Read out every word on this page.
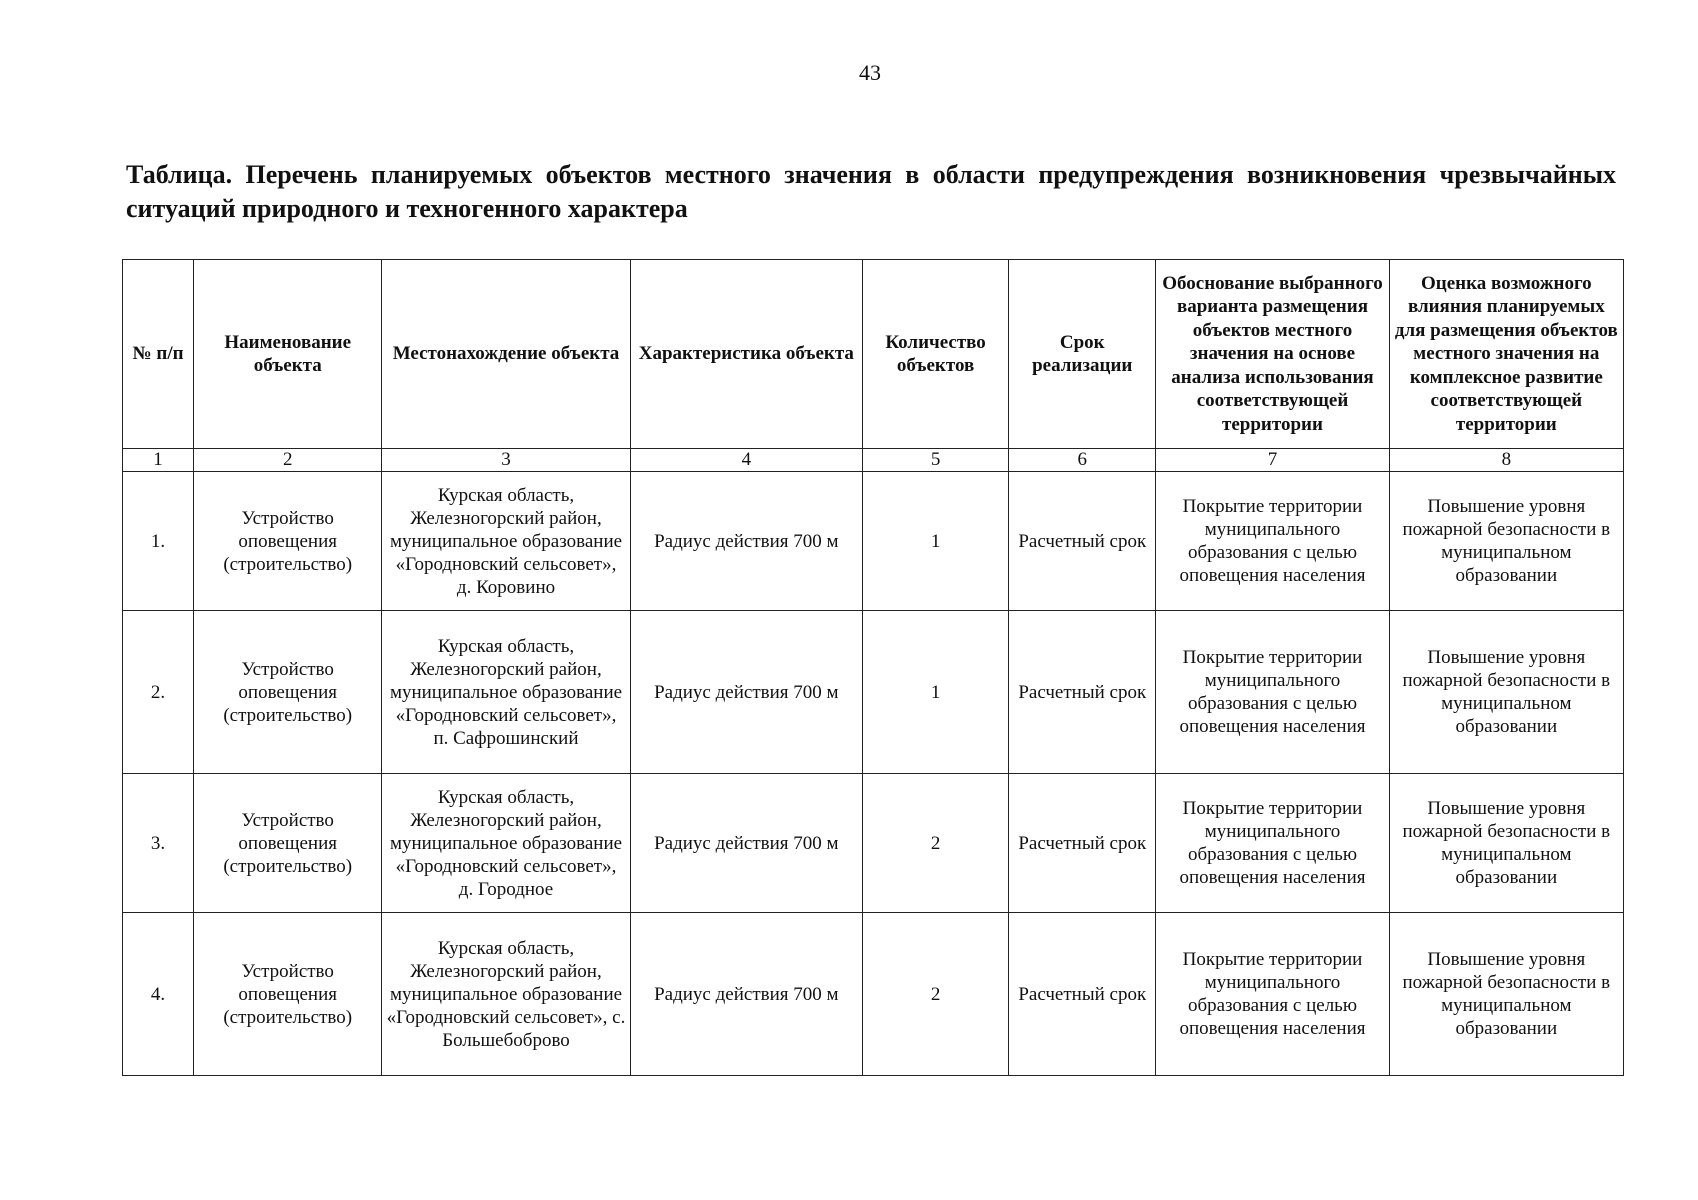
43
Таблица. Перечень планируемых объектов местного значения в области предупреждения возникновения чрезвычайных ситуаций природного и техногенного характера
№ п/п	Наименование объекта	Местонахождение объекта	Характеристика объекта	Количество объектов	Срок реализации	Обоснование выбранного варианта размещения объектов местного значения на основе анализа использования соответствующей территории	Оценка возможного влияния планируемых для размещения объектов местного значения на комплексное развитие соответствующей территории
1	2	3	4	5	6	7	8
1.	Устройство оповещения (строительство)	Курская область, Железногорский район, муниципальное образование «Городновский сельсовет», д. Коровино	Радиус действия 700 м	1	Расчетный срок	Покрытие территории муниципального образования с целью оповещения населения	Повышение уровня пожарной безопасности в муниципальном образовании
2.	Устройство оповещения (строительство)	Курская область, Железногорский район, муниципальное образование «Городновский сельсовет», п. Сафрошинский	Радиус действия 700 м	1	Расчетный срок	Покрытие территории муниципального образования с целью оповещения населения	Повышение уровня пожарной безопасности в муниципальном образовании
3.	Устройство оповещения (строительство)	Курская область, Железногорский район, муниципальное образование «Городновский сельсовет», д. Городное	Радиус действия 700 м	2	Расчетный срок	Покрытие территории муниципального образования с целью оповещения населения	Повышение уровня пожарной безопасности в муниципальном образовании
4.	Устройство оповещения (строительство)	Курская область, Железногорский район, муниципальное образование «Городновский сельсовет», с. Большебоброво	Радиус действия 700 м	2	Расчетный срок	Покрытие территории муниципального образования с целью оповещения населения	Повышение уровня пожарной безопасности в муниципальном образовании
